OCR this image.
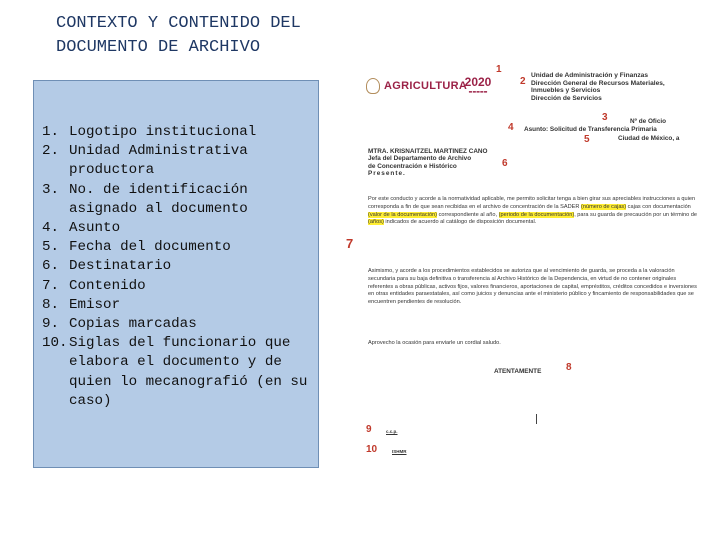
CONTEXTO Y CONTENIDO DEL
DOCUMENTO DE ARCHIVO
1. Logotipo institucional
2. Unidad Administrativa productora
3. No. de identificación asignado al documento
4. Asunto
5. Fecha del documento
6. Destinatario
7. Contenido
8. Emisor
9. Copias marcadas
10. Siglas del funcionario que elabora el documento y de quien lo mecanografió (en su caso)
AGRICULTURA
2020
▬▬▬▬▬
1
2
Unidad de Administración y Finanzas
Dirección General de Recursos Materiales,
Inmuebles y Servicios
Dirección de Servicios
3	Nº de Oficio
4 Asunto: Solicitud de Transferencia Primaria
5	Ciudad de México, a
MTRA. KRISNAITZEL MARTINEZ CANO
Jefa del Departamento de Archivo
de Concentración e Histórico
Presente.
6
Por este conducto y acorde a la normatividad aplicable, me permito solicitar tenga a bien girar sus apreciables instrucciones a quien corresponda a fin de que sean recibidas en el archivo de concentración de la SADER (número de cajas) cajas con documentación (valor de la documentación) correspondiente al año, (periodo de la documentación), para su guarda de precaución por un término de (años) indicados de acuerdo al catálogo de disposición documental.
7
Asimismo, y acorde a los procedimientos establecidos se autoriza que al vencimiento de guarda, se proceda a la valoración secundaria para su baja definitiva o transferencia al Archivo Histórico de la Dependencia, en virtud de no contener originales referentes a obras públicas, activos fijos, valores financieros, aportaciones de capital, empréstitos, créditos concedidos e inversiones en otras entidades paraestatales, así como juicios y denuncias ante el ministerio público y fincamiento de responsabilidades que se encuentren pendientes de resolución.
Aprovecho la ocasión para enviarle un cordial saludo.
ATENTAMENTE 8
9	c.c.p.
10	ISHMR
